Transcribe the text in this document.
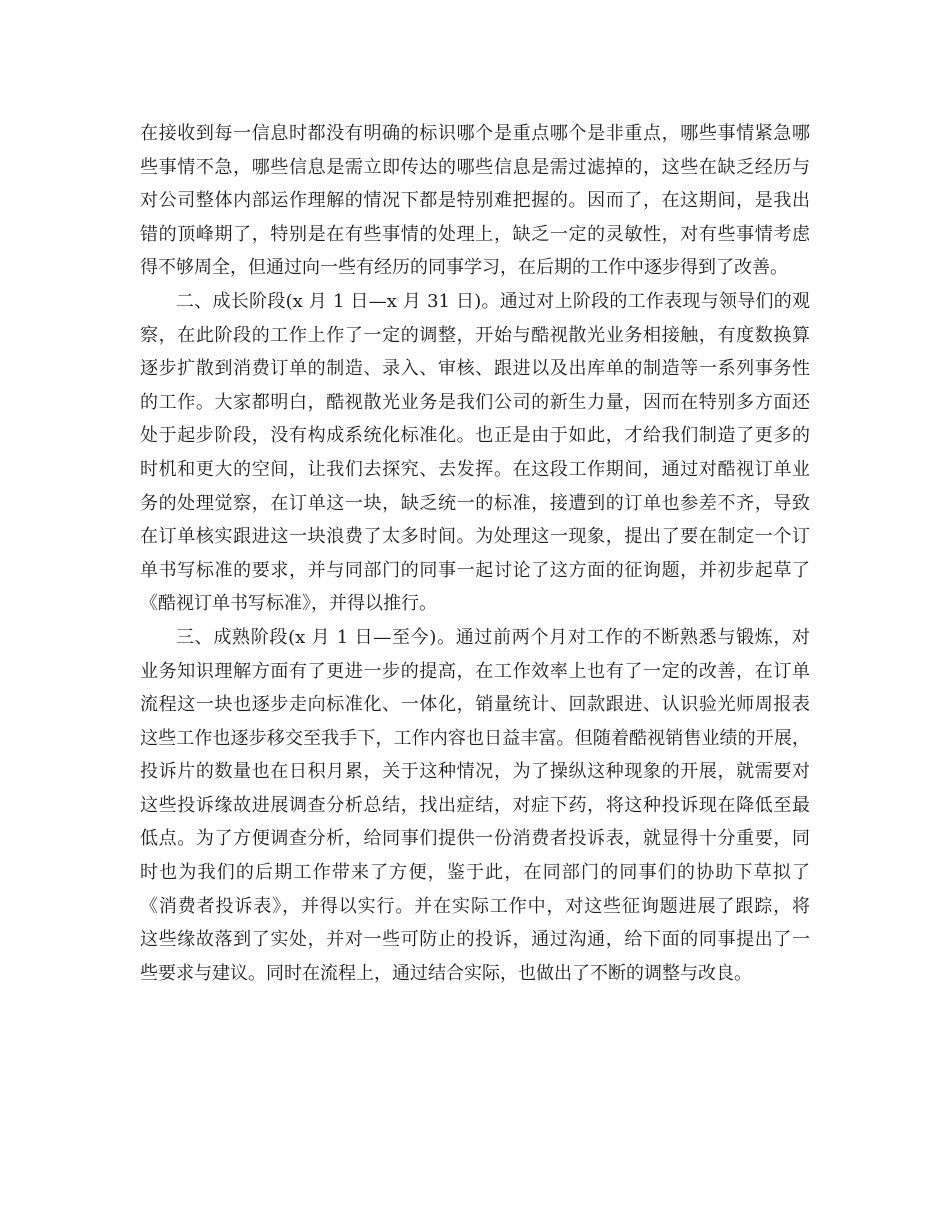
在接收到每一信息时都没有明确的标识哪个是重点哪个是非重点，哪些事情紧急哪
些事情不急，哪些信息是需立即传达的哪些信息是需过滤掉的，这些在缺乏经历与
对公司整体内部运作理解的情况下都是特别难把握的。因而了，在这期间，是我出
错的顶峰期了，特别是在有些事情的处理上，缺乏一定的灵敏性，对有些事情考虑
得不够周全，但通过向一些有经历的同事学习，在后期的工作中逐步得到了改善。
二、成长阶段(x 月 1 日—x 月 31 日)。通过对上阶段的工作表现与领导们的观
察，在此阶段的工作上作了一定的调整，开始与酷视散光业务相接触，有度数换算
逐步扩散到消费订单的制造、录入、审核、跟进以及出库单的制造等一系列事务性
的工作。大家都明白，酷视散光业务是我们公司的新生力量，因而在特别多方面还
处于起步阶段，没有构成系统化标准化。也正是由于如此，才给我们制造了更多的
时机和更大的空间，让我们去探究、去发挥。在这段工作期间，通过对酷视订单业
务的处理觉察，在订单这一块，缺乏统一的标准，接遭到的订单也参差不齐，导致
在订单核实跟进这一块浪费了太多时间。为处理这一现象，提出了要在制定一个订
单书写标准的要求，并与同部门的同事一起讨论了这方面的征询题，并初步起草了
《酷视订单书写标准》，并得以推行。
三、成熟阶段(x 月 1 日—至今)。通过前两个月对工作的不断熟悉与锻炼，对
业务知识理解方面有了更进一步的提高，在工作效率上也有了一定的改善，在订单
流程这一块也逐步走向标准化、一体化，销量统计、回款跟进、认识验光师周报表
这些工作也逐步移交至我手下，工作内容也日益丰富。但随着酷视销售业绩的开展，
投诉片的数量也在日积月累，关于这种情况，为了操纵这种现象的开展，就需要对
这些投诉缘故进展调查分析总结，找出症结，对症下药，将这种投诉现在降低至最
低点。为了方便调查分析，给同事们提供一份消费者投诉表，就显得十分重要，同
时也为我们的后期工作带来了方便，鉴于此，在同部门的同事们的协助下草拟了
《消费者投诉表》，并得以实行。并在实际工作中，对这些征询题进展了跟踪，将
这些缘故落到了实处，并对一些可防止的投诉，通过沟通，给下面的同事提出了一
些要求与建议。同时在流程上，通过结合实际，也做出了不断的调整与改良。
